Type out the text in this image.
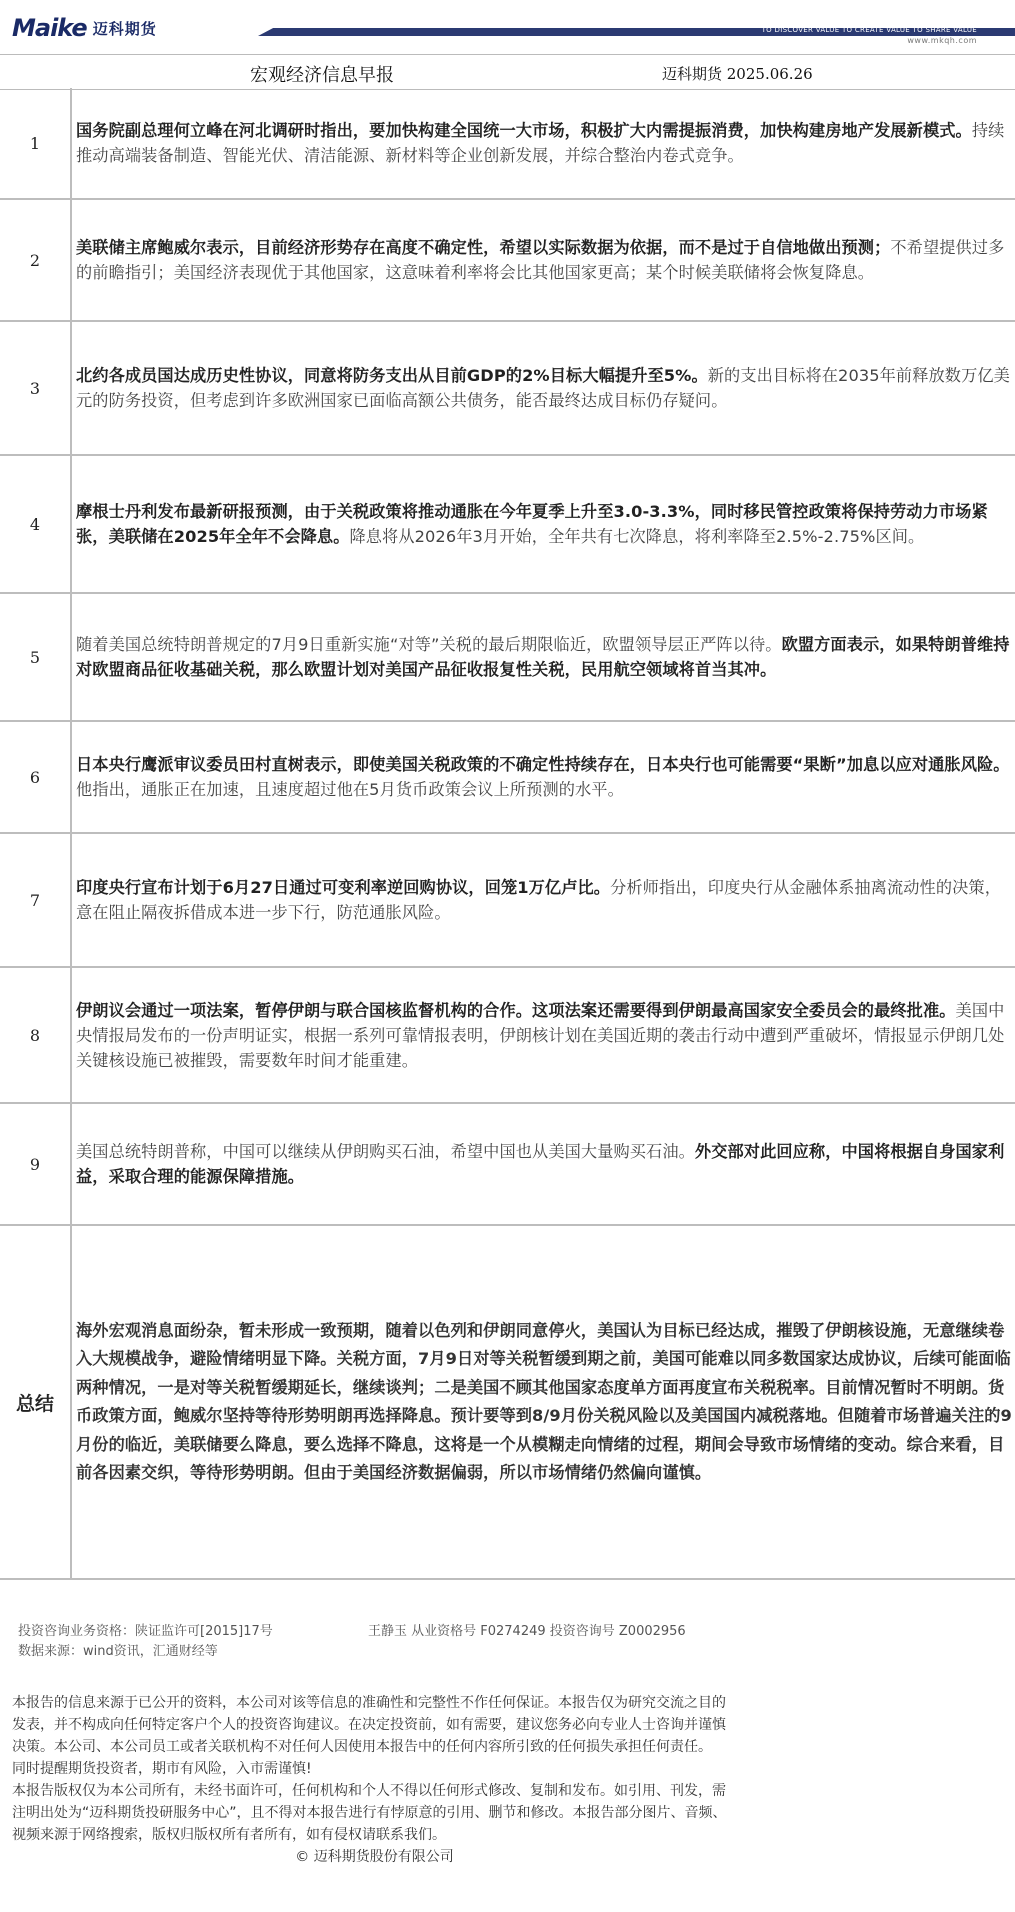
Maike 迈科期货	TO DISCOVER VALUE TO CREATE VALUE TO SHARE VALUE
www.mkqh.com
宏观经济信息早报	迈科期货 2025.06.26
1

国务院副总理何立峰在河北调研时指出，要加快构建全国统一大市场，积极扩大内需提振消费，加快构建房地产发展新模式。持续推动高端装备制造、智能光伏、清洁能源、新材料等企业创新发展，并综合整治内卷式竞争。

2

美联储主席鲍威尔表示，目前经济形势存在高度不确定性，希望以实际数据为依据，而不是过于自信地做出预测；不希望提供过多的前瞻指引；美国经济表现优于其他国家，这意味着利率将会比其他国家更高；某个时候美联储将会恢复降息。

3

北约各成员国达成历史性协议，同意将防务支出从目前GDP的2%目标大幅提升至5%。新的支出目标将在2035年前释放数万亿美元的防务投资，但考虑到许多欧洲国家已面临高额公共债务，能否最终达成目标仍存疑问。

4

摩根士丹利发布最新研报预测，由于关税政策将推动通胀在今年夏季上升至3.0-3.3%，同时移民管控政策将保持劳动力市场紧张，美联储在2025年全年不会降息。降息将从2026年3月开始，全年共有七次降息，将利率降至2.5%-2.75%区间。

5

随着美国总统特朗普规定的7月9日重新实施“对等”关税的最后期限临近，欧盟领导层正严阵以待。欧盟方面表示，如果特朗普维持对欧盟商品征收基础关税，那么欧盟计划对美国产品征收报复性关税，民用航空领域将首当其冲。

6

日本央行鹰派审议委员田村直树表示，即使美国关税政策的不确定性持续存在，日本央行也可能需要“果断”加息以应对通胀风险。他指出，通胀正在加速，且速度超过他在5月货币政策会议上所预测的水平。

7

印度央行宣布计划于6月27日通过可变利率逆回购协议，回笼1万亿卢比。分析师指出，印度央行从金融体系抽离流动性的决策，意在阻止隔夜拆借成本进一步下行，防范通胀风险。

8

伊朗议会通过一项法案，暂停伊朗与联合国核监督机构的合作。这项法案还需要得到伊朗最高国家安全委员会的最终批准。美国中央情报局发布的一份声明证实，根据一系列可靠情报表明，伊朗核计划在美国近期的袭击行动中遭到严重破坏，情报显示伊朗几处关键核设施已被摧毁，需要数年时间才能重建。

9

美国总统特朗普称，中国可以继续从伊朗购买石油，希望中国也从美国大量购买石油。外交部对此回应称，中国将根据自身国家利益，采取合理的能源保障措施。

总结

海外宏观消息面纷杂，暂未形成一致预期，随着以色列和伊朗同意停火，美国认为目标已经达成，摧毁了伊朗核设施，无意继续卷入大规模战争，避险情绪明显下降。关税方面，7月9日对等关税暂缓到期之前，美国可能难以同多数国家达成协议，后续可能面临两种情况，一是对等关税暂缓期延长，继续谈判；二是美国不顾其他国家态度单方面再度宣布关税税率。目前情况暂时不明朗。货币政策方面，鲍威尔坚持等待形势明朗再选择降息。预计要等到8/9月份关税风险以及美国国内减税落地。但随着市场普遍关注的9月份的临近，美联储要么降息，要么选择不降息，这将是一个从模糊走向情绪的过程，期间会导致市场情绪的变动。综合来看，目前各因素交织，等待形势明朗。但由于美国经济数据偏弱，所以市场情绪仍然偏向谨慎。

投资咨询业务资格：陕证监许可[2015]17号	王静玉 从业资格号 F0274249 投资咨询号 Z0002956
数据来源：wind资讯，汇通财经等

本报告的信息来源于已公开的资料，本公司对该等信息的准确性和完整性不作任何保证。本报告仅为研究交流之目的发表，并不构成向任何特定客户个人的投资咨询建议。在决定投资前，如有需要，建议您务必向专业人士咨询并谨慎决策。本公司、本公司员工或者关联机构不对任何人因使用本报告中的任何内容所引致的任何损失承担任何责任。

同时提醒期货投资者，期市有风险，入市需谨慎!

本报告版权仅为本公司所有，未经书面许可，任何机构和个人不得以任何形式修改、复制和发布。如引用、刊发，需注明出处为“迈科期货投研服务中心”，且不得对本报告进行有悖原意的引用、删节和修改。本报告部分图片、音频、视频来源于网络搜索，版权归版权所有者所有，如有侵权请联系我们。

© 迈科期货股份有限公司
